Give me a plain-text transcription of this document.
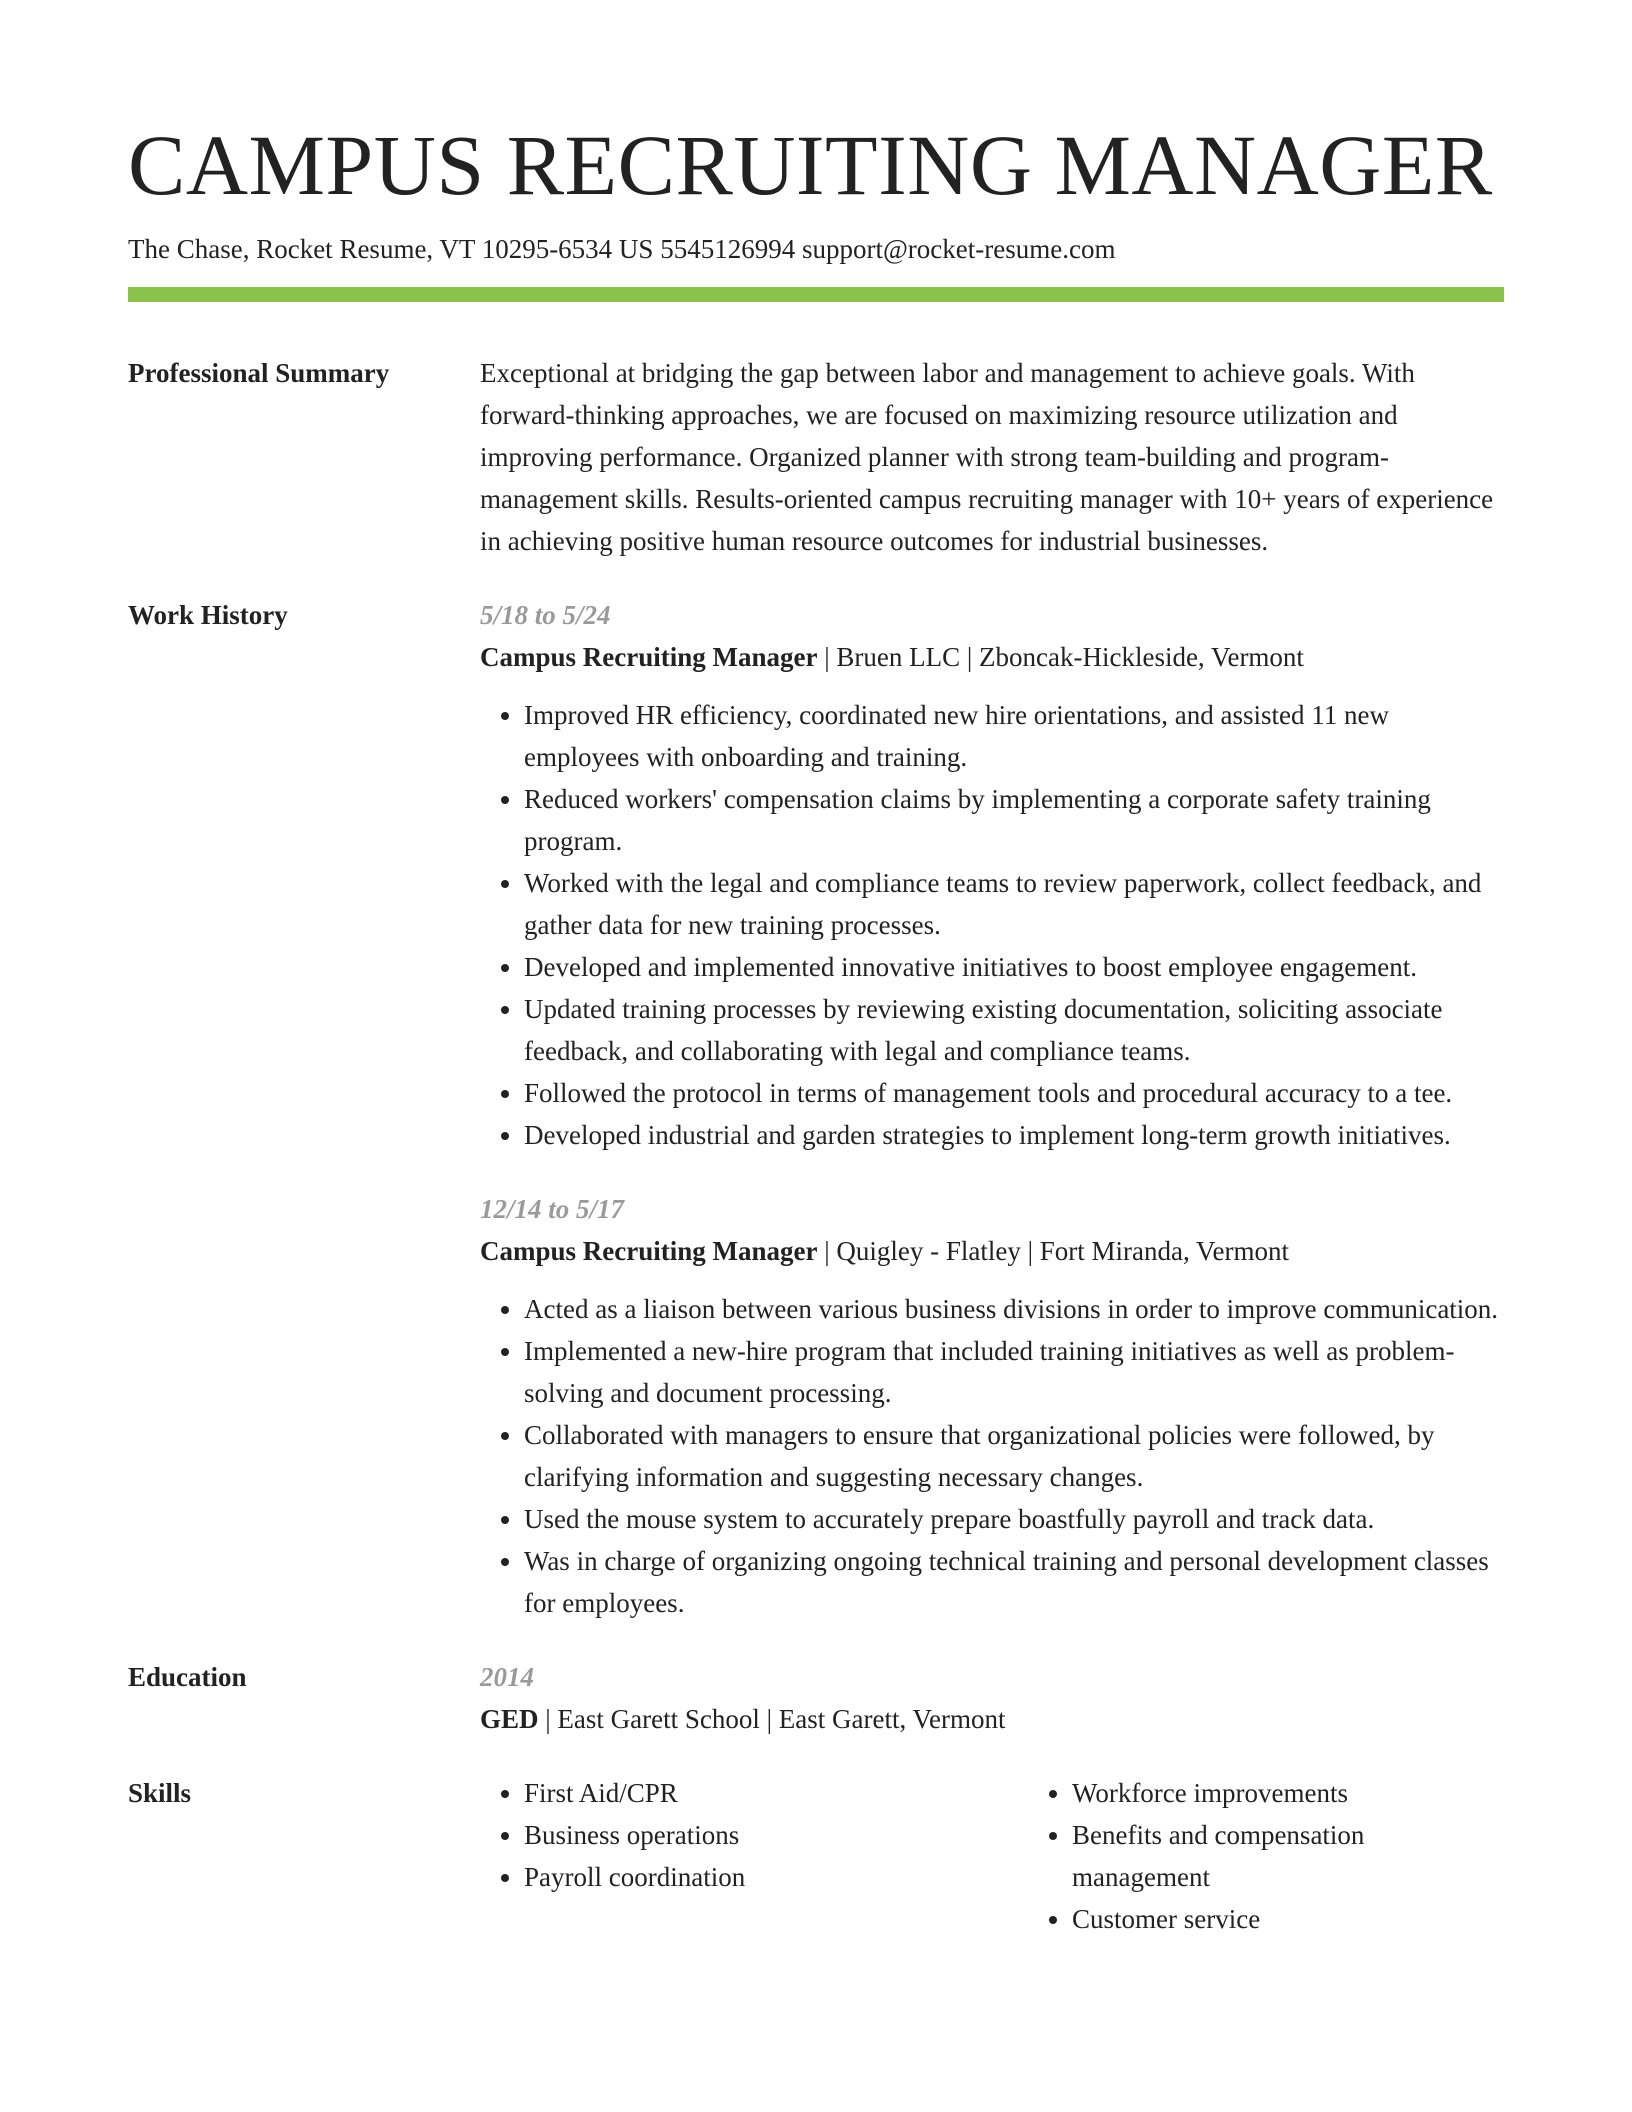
CAMPUS RECRUITING MANAGER
The Chase, Rocket Resume, VT 10295-6534 US 5545126994 support@rocket-resume.com
Professional Summary	Exceptional at bridging the gap between labor and management to achieve goals. With forward-thinking approaches, we are focused on maximizing resource utilization and improving performance. Organized planner with strong team-building and program-management skills. Results-oriented campus recruiting manager with 10+ years of experience in achieving positive human resource outcomes for industrial businesses.
Work History	5/18 to 5/24
Campus Recruiting Manager | Bruen LLC | Zboncak-Hickleside, Vermont
• Improved HR efficiency, coordinated new hire orientations, and assisted 11 new employees with onboarding and training.
• Reduced workers' compensation claims by implementing a corporate safety training program.
• Worked with the legal and compliance teams to review paperwork, collect feedback, and gather data for new training processes.
• Developed and implemented innovative initiatives to boost employee engagement.
• Updated training processes by reviewing existing documentation, soliciting associate feedback, and collaborating with legal and compliance teams.
• Followed the protocol in terms of management tools and procedural accuracy to a tee.
• Developed industrial and garden strategies to implement long-term growth initiatives.
12/14 to 5/17
Campus Recruiting Manager | Quigley - Flatley | Fort Miranda, Vermont
• Acted as a liaison between various business divisions in order to improve communication.
• Implemented a new-hire program that included training initiatives as well as problem-solving and document processing.
• Collaborated with managers to ensure that organizational policies were followed, by clarifying information and suggesting necessary changes.
• Used the mouse system to accurately prepare boastfully payroll and track data.
• Was in charge of organizing ongoing technical training and personal development classes for employees.
Education	2014
GED | East Garett School | East Garett, Vermont
Skills
•	First Aid/CPR
• Business operations
• Payroll coordination
• Workforce improvements
• Benefits and compensation management
• Customer service
